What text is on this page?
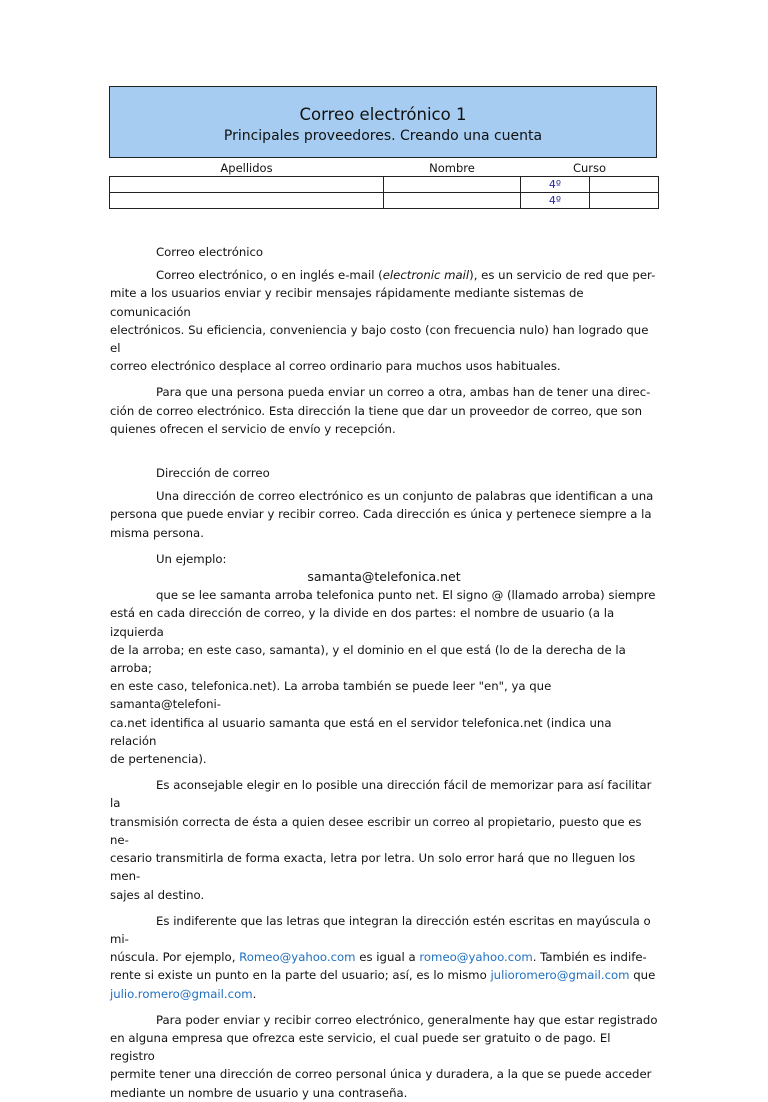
Correo electrónico 1
Principales proveedores. Creando una cuenta
Apellidos	Nombre	Curso	
		4º	
		4º	

Correo electrónico

Correo electrónico, o en inglés e-mail (electronic mail), es un servicio de red que per-
mite a los usuarios enviar y recibir mensajes rápidamente mediante sistemas de comunicación
electrónicos. Su eficiencia, conveniencia y bajo costo (con frecuencia nulo) han logrado que el
correo electrónico desplace al correo ordinario para muchos usos habituales.

Para que una persona pueda enviar un correo a otra, ambas han de tener una direc-
ción de correo electrónico. Esta dirección la tiene que dar un proveedor de correo, que son
quienes ofrecen el servicio de envío y recepción.

Dirección de correo

Una dirección de correo electrónico es un conjunto de palabras que identifican a una
persona que puede enviar y recibir correo. Cada dirección es única y pertenece siempre a la
misma persona.

Un ejemplo:

samanta@telefonica.net

que se lee samanta arroba telefonica punto net. El signo @ (llamado arroba) siempre
está en cada dirección de correo, y la divide en dos partes: el nombre de usuario (a la izquierda
de la arroba; en este caso, samanta), y el dominio en el que está (lo de la derecha de la arroba;
en este caso, telefonica.net). La arroba también se puede leer "en", ya que samanta@telefoni-
ca.net identifica al usuario samanta que está en el servidor telefonica.net (indica una relación
de pertenencia).

Es aconsejable elegir en lo posible una dirección fácil de memorizar para así facilitar la
transmisión correcta de ésta a quien desee escribir un correo al propietario, puesto que es ne-
cesario transmitirla de forma exacta, letra por letra. Un solo error hará que no lleguen los men-
sajes al destino.

Es indiferente que las letras que integran la dirección estén escritas en mayúscula o mi-
núscula. Por ejemplo, Romeo@yahoo.com es igual a romeo@yahoo.com. También es indife-
rente si existe un punto en la parte del usuario; así, es lo mismo julioromero@gmail.com que
julio.romero@gmail.com.

Para poder enviar y recibir correo electrónico, generalmente hay que estar registrado
en alguna empresa que ofrezca este servicio, el cual puede ser gratuito o de pago. El registro
permite tener una dirección de correo personal única y duradera, a la que se puede acceder
mediante un nombre de usuario y una contraseña.
